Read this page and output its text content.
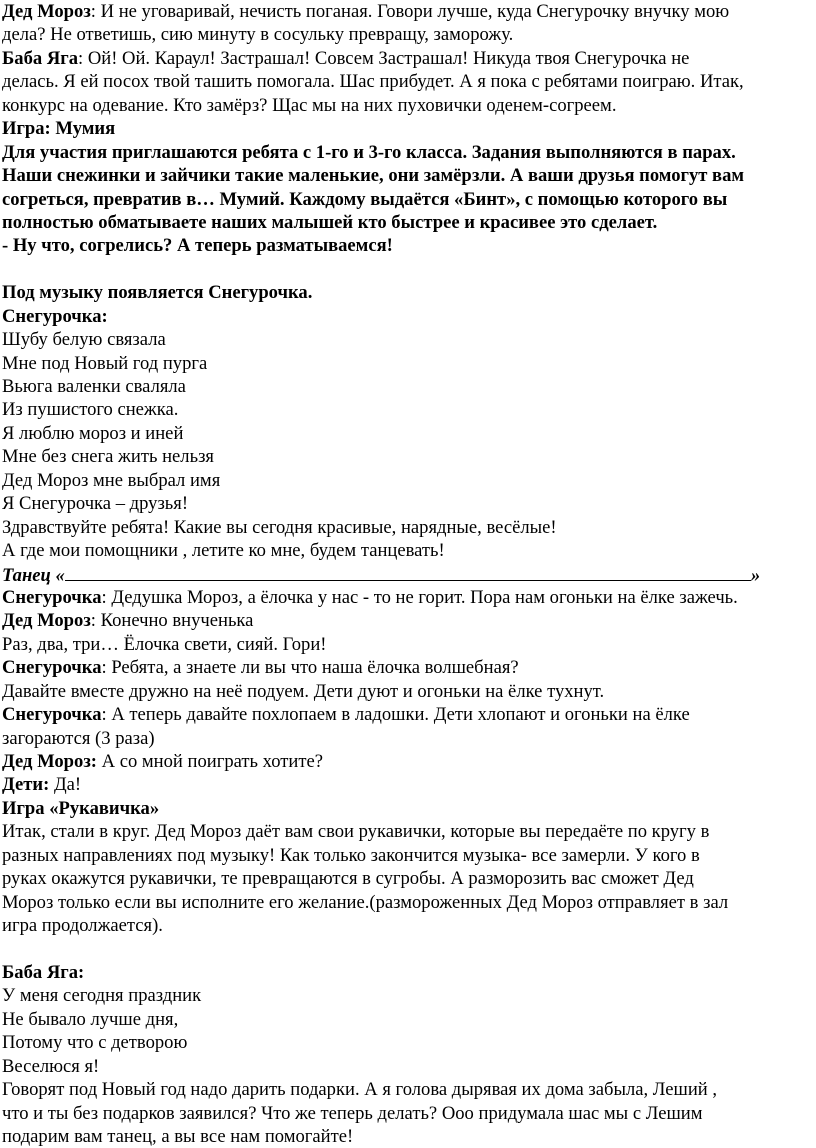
Дед Мороз: И не уговаривай, нечисть поганая. Говори лучше, куда Снегурочку внучку мою
дела? Не ответишь, сию минуту в сосульку превращу, заморожу.
Баба Яга: Ой! Ой. Караул! Застрашал! Совсем Застрашал! Никуда твоя Снегурочка не
делась. Я ей посох твой ташить помогала. Шас прибудет. А я пока с ребятами поиграю. Итак,
конкурс на одевание. Кто замёрз? Щас мы на них пуховички оденем-согреем.
Игра: Мумия
Для участия приглашаются ребята с 1-го и 3-го класса. Задания выполняются в парах.
Наши снежинки и зайчики такие маленькие, они замёрзли. А ваши друзья помогут вам
согреться, превратив в… Мумий. Каждому выдаётся «Бинт», с помощью которого вы
полностью обматываете наших малышей кто быстрее и красивее это сделает.
- Ну что, согрелись? А теперь разматываемся!
Под музыку появляется Снегурочка.
Снегурочка:
Шубу белую связала
Мне под Новый год пурга
Вьюга валенки сваляла
Из пушистого снежка.
Я люблю мороз и иней
Мне без снега жить нельзя
Дед Мороз мне выбрал имя
Я Снегурочка – друзья!
Здравствуйте ребята! Какие вы сегодня красивые, нарядные, весёлые!
А где мои помощники , летите ко мне, будем танцевать!
Танец «	»
Снегурочка: Дедушка Мороз, а ёлочка у нас - то не горит. Пора нам огоньки на ёлке зажечь.
Дед Мороз: Конечно внученька
Раз, два, три… Ёлочка свети, сияй. Гори!
Снегурочка: Ребята, а знаете ли вы что наша ёлочка волшебная?
Давайте вместе дружно на неё подуем. Дети дуют и огоньки на ёлке тухнут.
Снегурочка: А теперь давайте похлопаем в ладошки. Дети хлопают и огоньки на ёлке
загораются (3 раза)
Дед Мороз: А со мной поиграть хотите?
Дети: Да!
Игра «Рукавичка»
Итак, стали в круг. Дед Мороз даёт вам свои рукавички, которые вы передаёте по кругу в
разных направлениях под музыку! Как только закончится музыка- все замерли. У кого в
руках окажутся рукавички, те превращаются в сугробы. А разморозить вас сможет Дед
Мороз только если вы исполните его желание.(размороженных Дед Мороз отправляет в зал
игра продолжается).
Баба Яга:
У меня сегодня праздник
Не бывало лучше дня,
Потому что с детворою
Веселюся я!
Говорят под Новый год надо дарить подарки. А я голова дырявая их дома забыла, Леший ,
что и ты без подарков заявился? Что же теперь делать? Ооо придумала шас мы с Лешим
подарим вам танец, а вы все нам помогайте!
